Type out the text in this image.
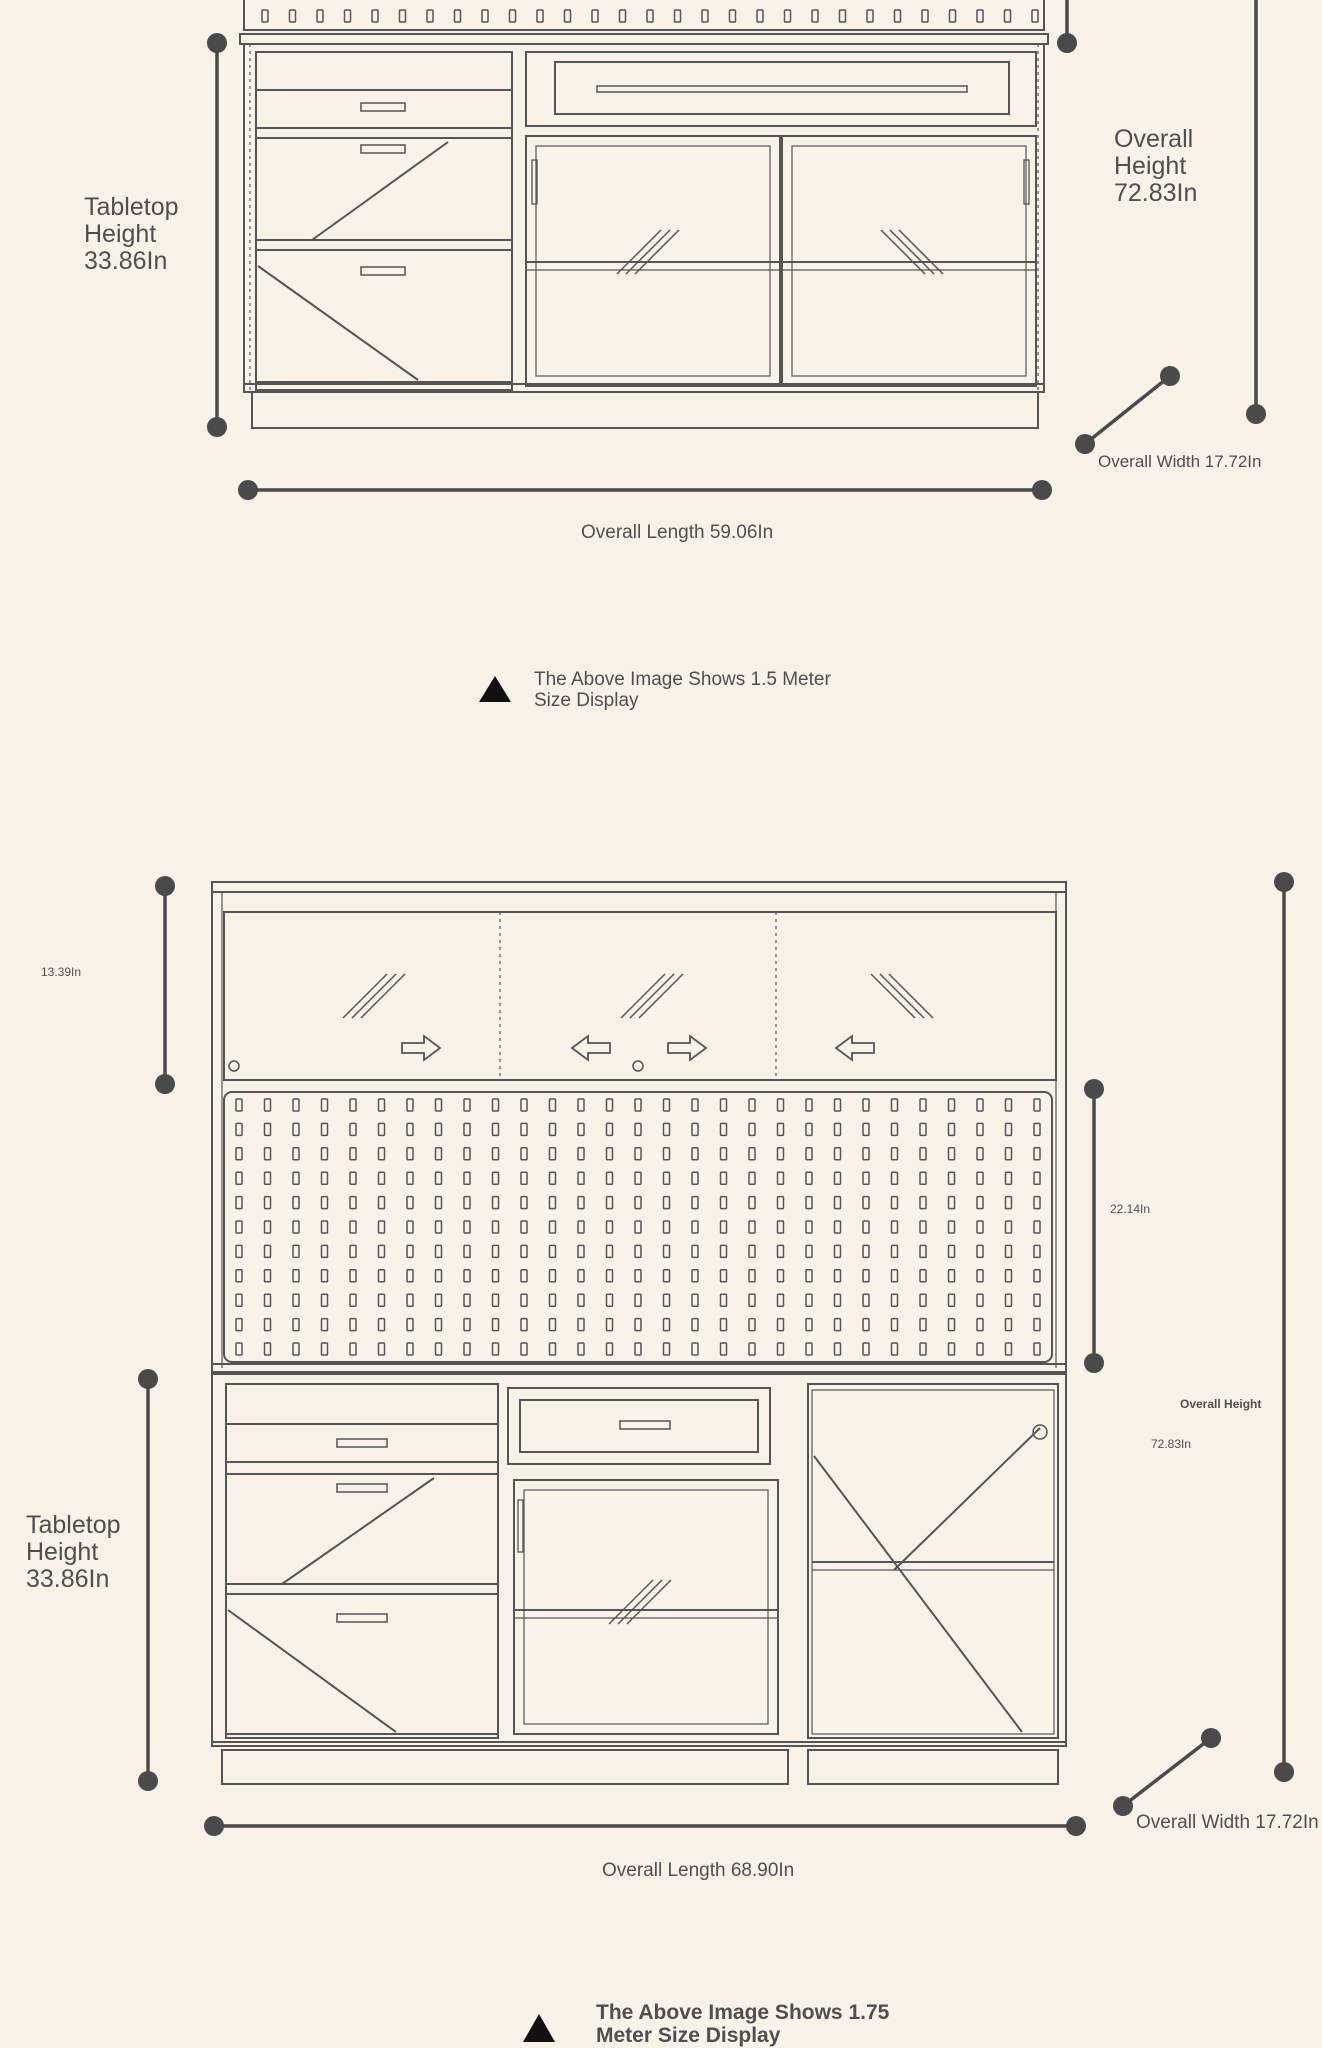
Tabletop
Height
33.86In
Overall
Height
72.83In
Overall Width 17.72In
Overall Length 59.06In
The Above Image Shows 1.5 Meter
Size Display
13.39In
22.14In
Tabletop
Height
33.86In
Overall Height
72.83In
Overall Width 17.72In
Overall Length 68.90In
The Above Image Shows 1.75
Meter Size Display
